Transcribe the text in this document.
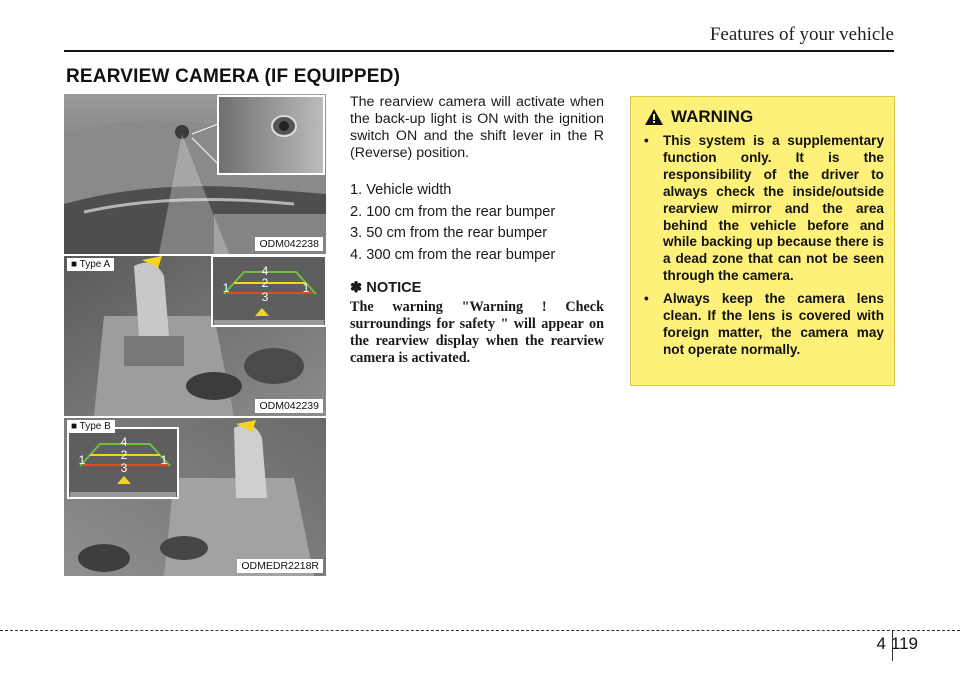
Features of your vehicle
REARVIEW CAMERA (IF EQUIPPED)
ODM042238
4
2
3
1	1
■ Type A
ODM042239
4
2
3
1	1
■ Type B
ODMEDR2218R

The rearview camera will activate when the back-up light is ON with the ignition switch ON and the shift lever in the R (Reverse) position.

1. Vehicle width
2. 100 cm from the rear bumper
3. 50 cm from the rear bumper
4. 300 cm from the rear bumper
✽ NOTICE

The warning "Warning ! Check surroundings for safety " will appear on the rearview display when the rearview camera is activated.

WARNING
• This system is a supplementary function only. It is the responsibility of the driver to always check the inside/outside rearview mirror and the area behind the vehicle before and while backing up because there is a dead zone that can not be seen through the camera.
• Always keep the camera lens clean. If the lens is covered with foreign matter, the camera may not operate normally.
4 119
